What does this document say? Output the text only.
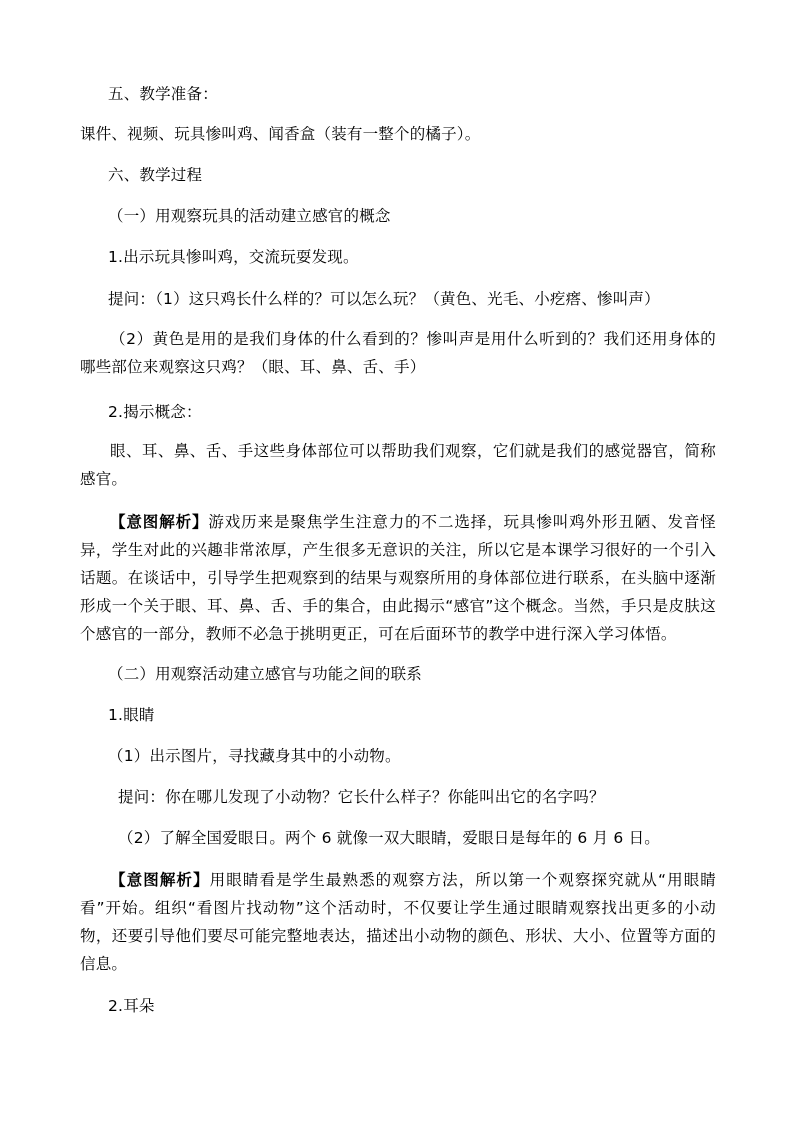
五、教学准备：
课件、视频、玩具惨叫鸡、闻香盒（装有一整个的橘子）。
六、教学过程
（一）用观察玩具的活动建立感官的概念
1.出示玩具惨叫鸡，交流玩耍发现。
提问：（1）这只鸡长什么样的？可以怎么玩？（黄色、光毛、小疙瘩、惨叫声）
（2）黄色是用的是我们身体的什么看到的？惨叫声是用什么听到的？我们还用身体的哪些部位来观察这只鸡？（眼、耳、鼻、舌、手）
2.揭示概念：
眼、耳、鼻、舌、手这些身体部位可以帮助我们观察，它们就是我们的感觉器官，简称感官。
【意图解析】游戏历来是聚焦学生注意力的不二选择，玩具惨叫鸡外形丑陋、发音怪异，学生对此的兴趣非常浓厚，产生很多无意识的关注，所以它是本课学习很好的一个引入话题。在谈话中，引导学生把观察到的结果与观察所用的身体部位进行联系，在头脑中逐渐形成一个关于眼、耳、鼻、舌、手的集合，由此揭示“感官”这个概念。当然，手只是皮肤这个感官的一部分，教师不必急于挑明更正，可在后面环节的教学中进行深入学习体悟。
（二）用观察活动建立感官与功能之间的联系
1.眼睛
（1）出示图片，寻找藏身其中的小动物。
提问：你在哪儿发现了小动物？它长什么样子？你能叫出它的名字吗？
（2）了解全国爱眼日。两个 6 就像一双大眼睛，爱眼日是每年的 6 月 6 日。
【意图解析】用眼睛看是学生最熟悉的观察方法，所以第一个观察探究就从“用眼睛看”开始。组织“看图片找动物”这个活动时，不仅要让学生通过眼睛观察找出更多的小动物，还要引导他们要尽可能完整地表达，描述出小动物的颜色、形状、大小、位置等方面的信息。
2.耳朵
